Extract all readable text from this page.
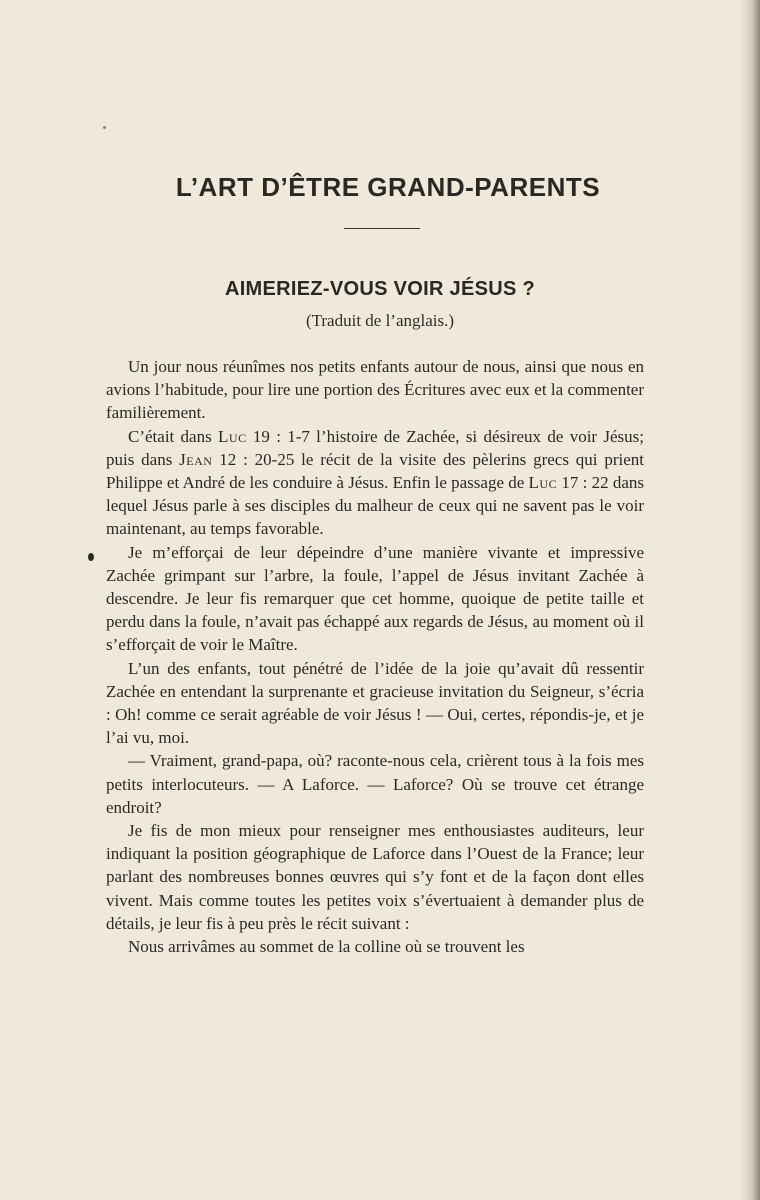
L’ART D’ÊTRE GRAND-PARENTS
AIMERIEZ-VOUS VOIR JÉSUS ?
(Traduit de l’anglais.)

Un jour nous réunîmes nos petits enfants autour de nous, ainsi que nous en avions l’habitude, pour lire une portion des Écritures avec eux et la commenter familièrement.

C’était dans Luc 19 : 1-7 l’histoire de Zachée, si désireux de voir Jésus; puis dans Jean 12 : 20-25 le récit de la visite des pèlerins grecs qui prient Philippe et André de les conduire à Jésus. Enfin le passage de Luc 17 : 22 dans lequel Jésus parle à ses disciples du malheur de ceux qui ne savent pas le voir maintenant, au temps favorable.

Je m’efforçai de leur dépeindre d’une manière vivante et impressive Zachée grimpant sur l’arbre, la foule, l’appel de Jésus invitant Zachée à descendre. Je leur fis remarquer que cet homme, quoique de petite taille et perdu dans la foule, n’avait pas échappé aux regards de Jésus, au moment où il s’efforçait de voir le Maître.

L’un des enfants, tout pénétré de l’idée de la joie qu’avait dû ressentir Zachée en entendant la surprenante et gracieuse invitation du Seigneur, s’écria : Oh! comme ce serait agréable de voir Jésus ! — Oui, certes, répondis-je, et je l’ai vu, moi.

— Vraiment, grand-papa, où? raconte-nous cela, crièrent tous à la fois mes petits interlocuteurs. — A Laforce. — Laforce? Où se trouve cet étrange endroit?

Je fis de mon mieux pour renseigner mes enthousiastes auditeurs, leur indiquant la position géographique de Laforce dans l’Ouest de la France; leur parlant des nombreuses bonnes œuvres qui s’y font et de la façon dont elles vivent. Mais comme toutes les petites voix s’évertuaient à demander plus de détails, je leur fis à peu près le récit suivant :

Nous arrivâmes au sommet de la colline où se trouvent les
